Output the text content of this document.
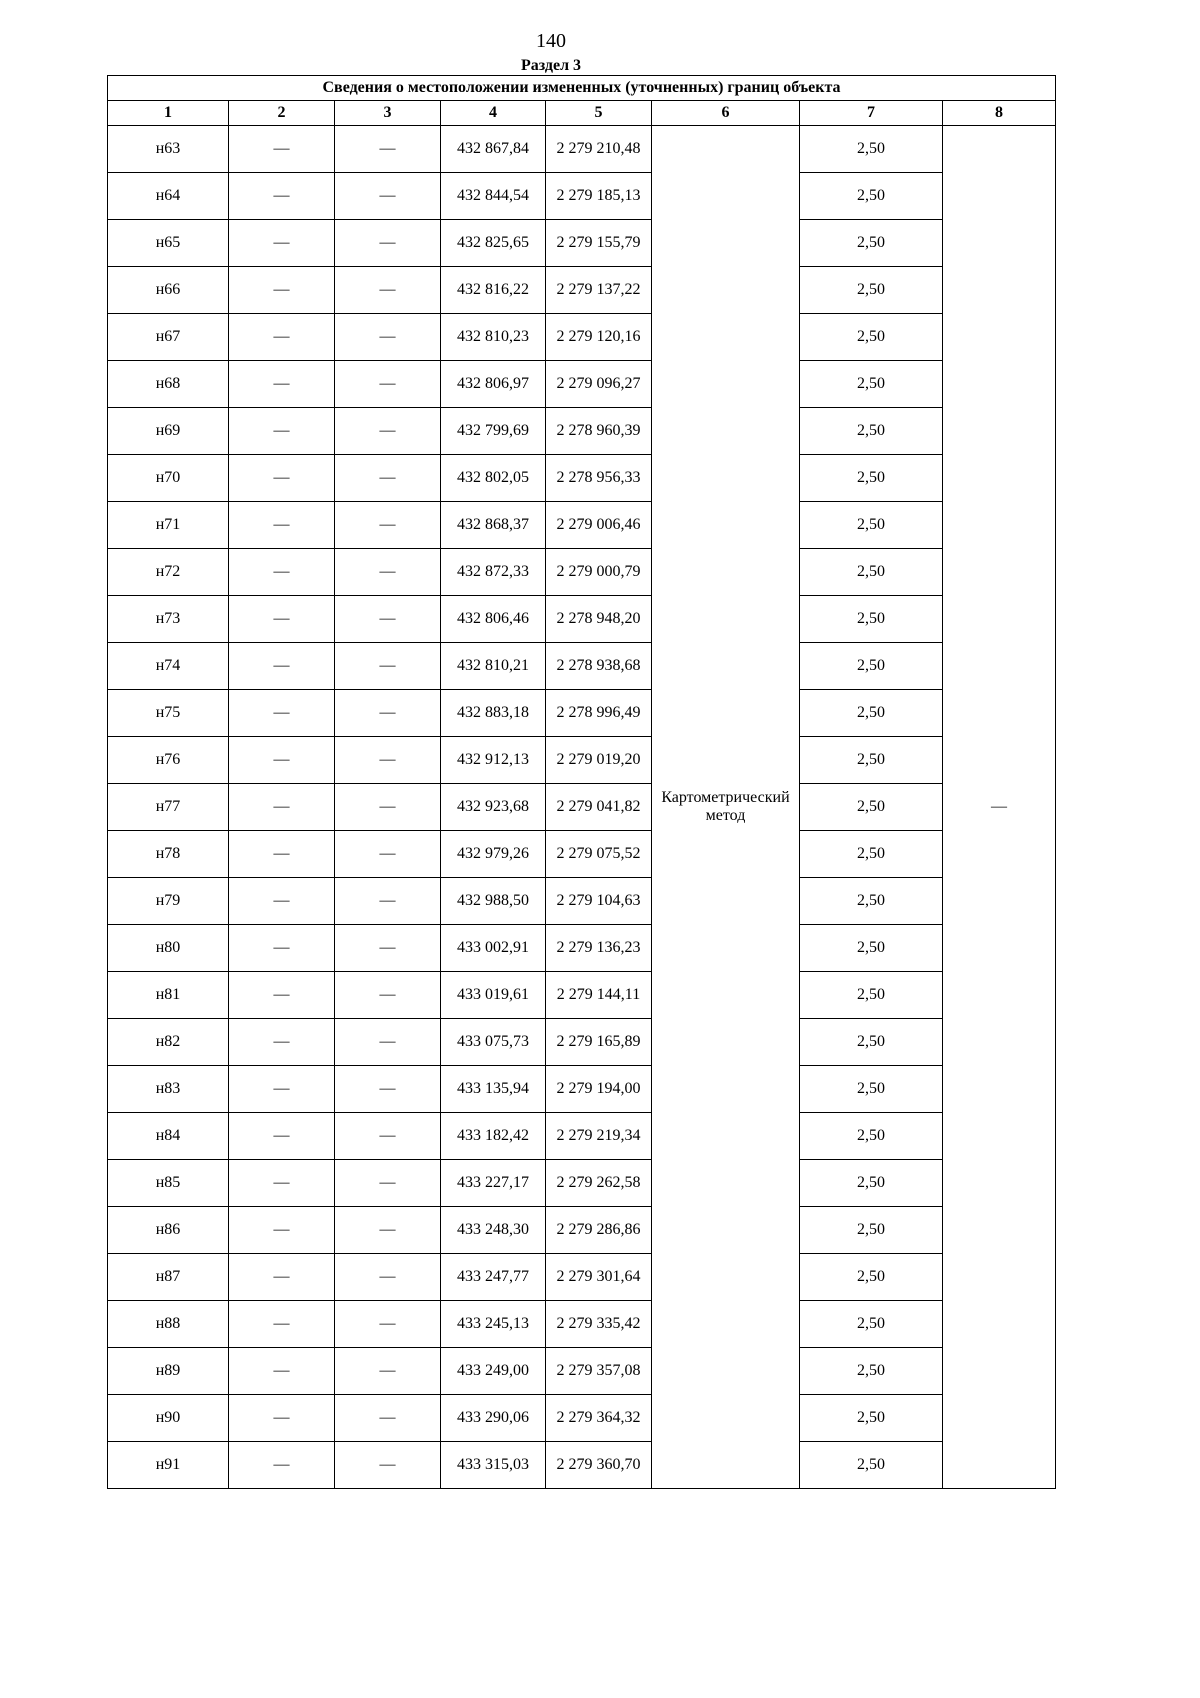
140
Раздел 3
Сведения о местоположении измененных (уточненных) границ объекта							
1	2	3	4	5	6	7	8
н63	—	—	432 867,84	2 279 210,48	Картометрический метод	2,50	—
н64	—	—	432 844,54	2 279 185,13		2,50	
н65	—	—	432 825,65	2 279 155,79		2,50	
н66	—	—	432 816,22	2 279 137,22		2,50	
н67	—	—	432 810,23	2 279 120,16		2,50	
н68	—	—	432 806,97	2 279 096,27		2,50	
н69	—	—	432 799,69	2 278 960,39		2,50	
н70	—	—	432 802,05	2 278 956,33		2,50	
н71	—	—	432 868,37	2 279 006,46		2,50	
н72	—	—	432 872,33	2 279 000,79		2,50	
н73	—	—	432 806,46	2 278 948,20		2,50	
н74	—	—	432 810,21	2 278 938,68		2,50	
н75	—	—	432 883,18	2 278 996,49		2,50	
н76	—	—	432 912,13	2 279 019,20		2,50	
н77	—	—	432 923,68	2 279 041,82		2,50	
н78	—	—	432 979,26	2 279 075,52		2,50	
н79	—	—	432 988,50	2 279 104,63		2,50	
н80	—	—	433 002,91	2 279 136,23		2,50	
н81	—	—	433 019,61	2 279 144,11		2,50	
н82	—	—	433 075,73	2 279 165,89		2,50	
н83	—	—	433 135,94	2 279 194,00		2,50	
н84	—	—	433 182,42	2 279 219,34		2,50	
н85	—	—	433 227,17	2 279 262,58		2,50	
н86	—	—	433 248,30	2 279 286,86		2,50	
н87	—	—	433 247,77	2 279 301,64		2,50	
н88	—	—	433 245,13	2 279 335,42		2,50	
н89	—	—	433 249,00	2 279 357,08		2,50	
н90	—	—	433 290,06	2 279 364,32		2,50	
н91	—	—	433 315,03	2 279 360,70		2,50	
